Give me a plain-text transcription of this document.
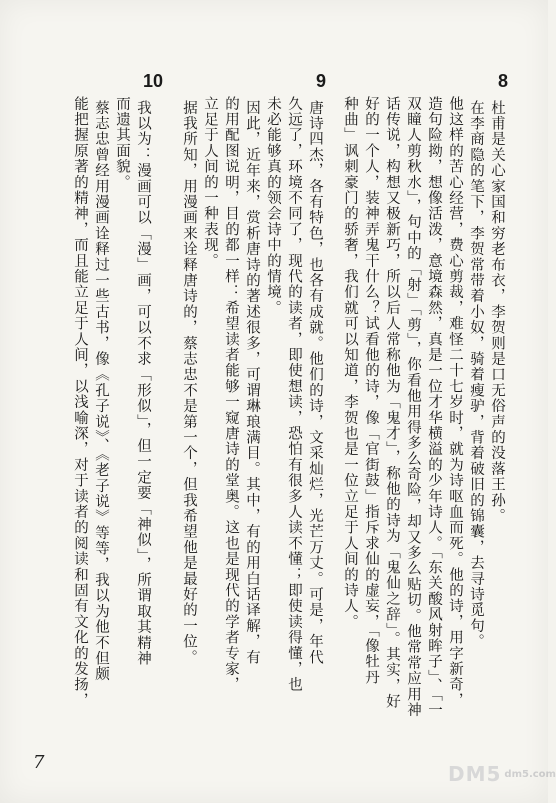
8
9
10
杜甫是关心家国和穷老布衣，李贺则是口无俗声的没落王孙。
在李商隐的笔下，李贺常带着小奴，骑着瘦驴，背着破旧的锦囊，去寻诗觅句。
他这样的苦心经营，费心剪裁，难怪二十七岁时，就为诗呕血而死。他的诗，用字新奇，
造句险拗，想像活泼，意境森然，真是一位才华横溢的少年诗人。「东关酸风射眸子」、「一
双瞳人剪秋水」，句中的「射」「剪」，你看他用得多么奇险，却又多么贴切。他常常应用神
话传说，构想又极新巧，所以后人常称他为「鬼才」，称他的诗为「鬼仙之辞」。其实，好
好的一个人，装神弄鬼干什么？试看他的诗，像「官街鼓」指斥求仙的虚妄，「像牡丹
种曲」讽刺豪门的骄奢，我们就可以知道，李贺也是一位立足于人间的诗人。
唐诗四杰，各有特色，也各有成就。他们的诗，文采灿烂，光芒万丈。可是，年代
久远了，环境不同了，现代的读者，即使想读，恐怕有很多人读不懂；即使读得懂，也
未必能够真的领会诗中的情境。
因此，近年来，赏析唐诗的著述很多，可谓琳琅满目。其中，有的用白话译解，有
的用配图说明，目的都一样：希望读者能够一窥唐诗的堂奥。这也是现代的学者专家，
立足于人间的一种表现。
据我所知，用漫画来诠释唐诗的，蔡志忠不是第一个，但我希望他是最好的一位。
我以为：漫画可以「漫」画，可以不求「形似」，但一定要「神似」，所谓取其精神
而遗其面貌。
蔡志忠曾经用漫画诠释过一些古书，像《孔子说》、《老子说》等等，我以为他不但颇
能把握原著的精神，而且能立足于人间，以浅喻深，对于读者的阅读和固有文化的发扬，
7	DM5 dm5.com
